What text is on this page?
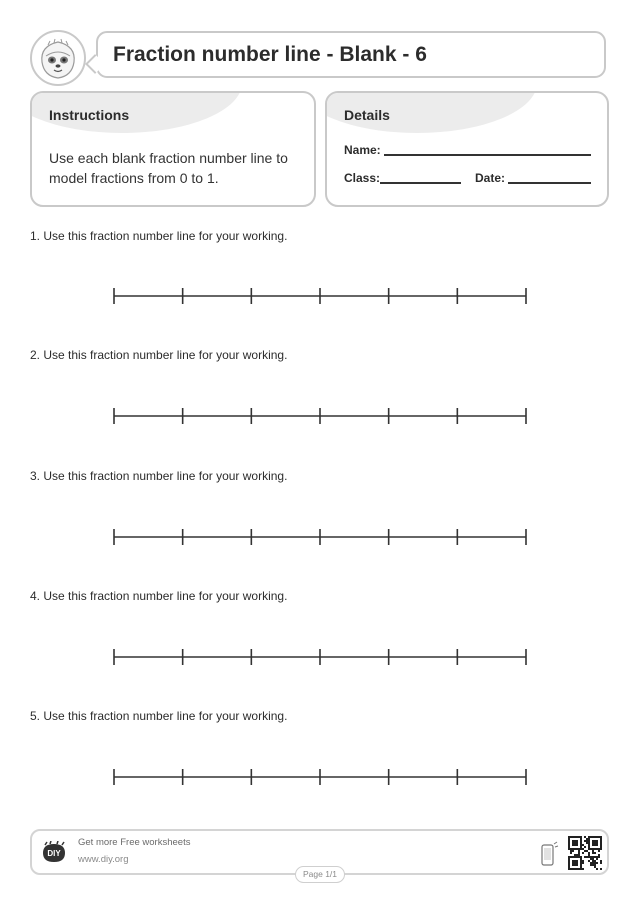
Fraction number line - Blank - 6
Instructions
Use each blank fraction number line to model fractions from 0 to 1.
Details
Name:
Class:	Date:
1. Use this fraction number line for your working.
2. Use this fraction number line for your working.
3. Use this fraction number line for your working.
4. Use this fraction number line for your working.
5. Use this fraction number line for your working.
DIY
Get more Free worksheets
www.diy.org
Page 1/1
